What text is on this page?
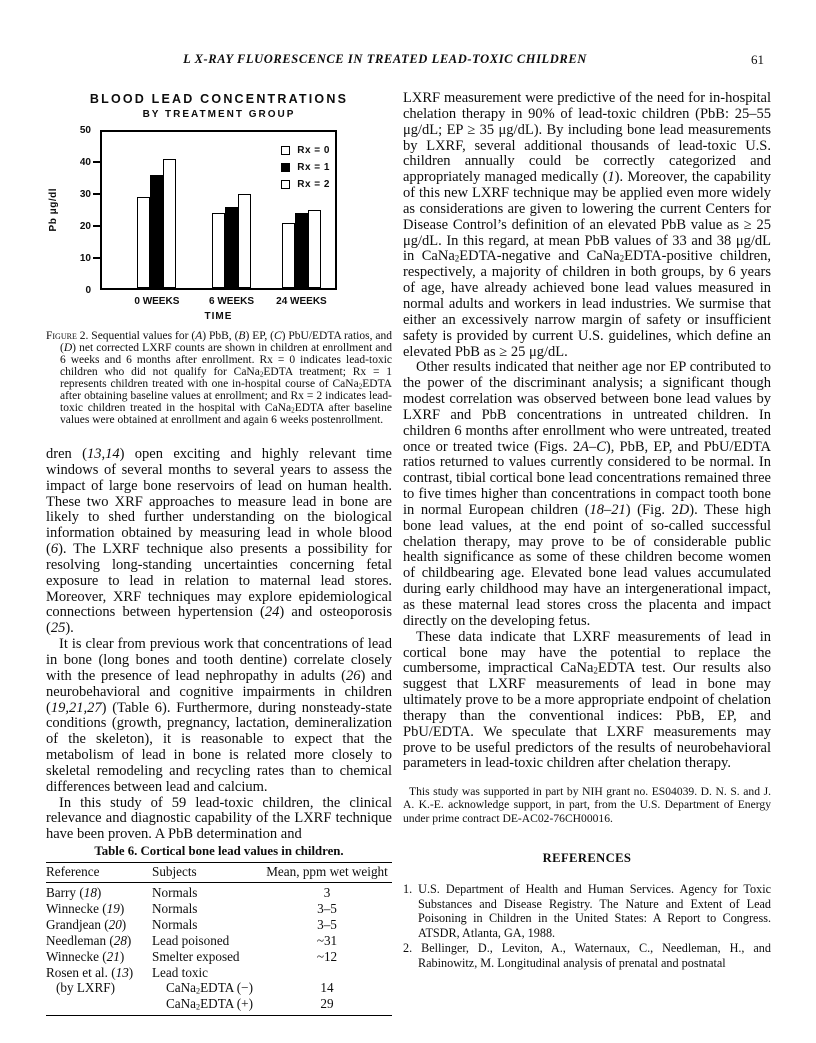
L X-RAY FLUORESCENCE IN TREATED LEAD-TOXIC CHILDREN	61
BLOOD LEAD CONCENTRATIONS
BY TREATMENT GROUP
Pb μg/dl
Rx = 0
Rx = 1
Rx = 2
0
10
20
30
40
50
0 WEEKS	6 WEEKS	24 WEEKS
TIME
Figure 2. Sequential values for (A) PbB, (B) EP, (C) PbU/EDTA ratios, and (D) net corrected LXRF counts are shown in children at enrollment and 6 weeks and 6 months after enrollment. Rx = 0 indicates lead-toxic children who did not qualify for CaNa$_2$EDTA treatment; Rx = 1 represents children treated with one in-hospital course of CaNa$_2$EDTA after obtaining baseline values at enrollment; and Rx = 2 indicates lead-toxic children treated in the hospital with CaNa$_2$EDTA after baseline values were obtained at enrollment and again 6 weeks postenrollment.

dren (13,14) open exciting and highly relevant time windows of several months to several years to assess the impact of large bone reservoirs of lead on human health. These two XRF approaches to measure lead in bone are likely to shed further understanding on the biological information obtained by measuring lead in whole blood (6). The LXRF technique also presents a possibility for resolving long-standing uncertainties concerning fetal exposure to lead in relation to maternal lead stores. Moreover, XRF techniques may explore epidemiological connections between hypertension (24) and osteoporosis (25).

It is clear from previous work that concentrations of lead in bone (long bones and tooth dentine) correlate closely with the presence of lead nephropathy in adults (26) and neurobehavioral and cognitive impairments in children (19,21,27) (Table 6). Furthermore, during nonsteady-state conditions (growth, pregnancy, lactation, demineralization of the skeleton), it is reasonable to expect that the metabolism of lead in bone is related more closely to skeletal remodeling and recycling rates than to chemical differences between lead and calcium.

In this study of 59 lead-toxic children, the clinical relevance and diagnostic capability of the LXRF technique have been proven. A PbB determination and

Table 6. Cortical bone lead values in children.
Reference	Subjects	Mean, ppm wet weight
Barry (18)	Normals	3
Winnecke (19)	Normals	3–5
Grandjean (20)	Normals	3–5
Needleman (28)	Lead poisoned	~31
Winnecke (21)	Smelter exposed	~12
Rosen et al. (13)	Lead toxic	
(by LXRF)	CaNa$_2$EDTA (−)	14
	CaNa$_2$EDTA (+)	29

LXRF measurement were predictive of the need for in-hospital chelation therapy in 90% of lead-toxic children (PbB: 25–55 μg/dL; EP ≥ 35 μg/dL). By including bone lead measurements by LXRF, several additional thousands of lead-toxic U.S. children annually could be correctly categorized and appropriately managed medically (1). Moreover, the capability of this new LXRF technique may be applied even more widely as considerations are given to lowering the current Centers for Disease Control’s definition of an elevated PbB value as ≥ 25 μg/dL. In this regard, at mean PbB values of 33 and 38 μg/dL in CaNa$_2$EDTA-negative and CaNa$_2$EDTA-positive children, respectively, a majority of children in both groups, by 6 years of age, have already achieved bone lead values measured in normal adults and workers in lead industries. We surmise that either an excessively narrow margin of safety or insufficient safety is provided by current U.S. guidelines, which define an elevated PbB as ≥ 25 μg/dL.

Other results indicated that neither age nor EP contributed to the power of the discriminant analysis; a significant though modest correlation was observed between bone lead values by LXRF and PbB concentrations in untreated children. In children 6 months after enrollment who were untreated, treated once or treated twice (Figs. 2A–C), PbB, EP, and PbU/EDTA ratios returned to values currently considered to be normal. In contrast, tibial cortical bone lead concentrations remained three to five times higher than concentrations in compact tooth bone in normal European children (18–21) (Fig. 2D). These high bone lead values, at the end point of so-called successful chelation therapy, may prove to be of considerable public health significance as some of these children become women of childbearing age. Elevated bone lead values accumulated during early childhood may have an intergenerational impact, as these maternal lead stores cross the placenta and impact directly on the developing fetus.

These data indicate that LXRF measurements of lead in cortical bone may have the potential to replace the cumbersome, impractical CaNa$_2$EDTA test. Our results also suggest that LXRF measurements of lead in bone may ultimately prove to be a more appropriate endpoint of chelation therapy than the conventional indices: PbB, EP, and PbU/EDTA. We speculate that LXRF measurements may prove to be useful predictors of the results of neurobehavioral parameters in lead-toxic children after chelation therapy.

This study was supported in part by NIH grant no. ES04039. D. N. S. and J. A. K.-E. acknowledge support, in part, from the U.S. Department of Energy under prime contract DE-AC02-76CH00016.
REFERENCES
1. U.S. Department of Health and Human Services. Agency for Toxic Substances and Disease Registry. The Nature and Extent of Lead Poisoning in Children in the United States: A Report to Congress. ATSDR, Atlanta, GA, 1988.
2. Bellinger, D., Leviton, A., Waternaux, C., Needleman, H., and Rabinowitz, M. Longitudinal analysis of prenatal and postnatal
